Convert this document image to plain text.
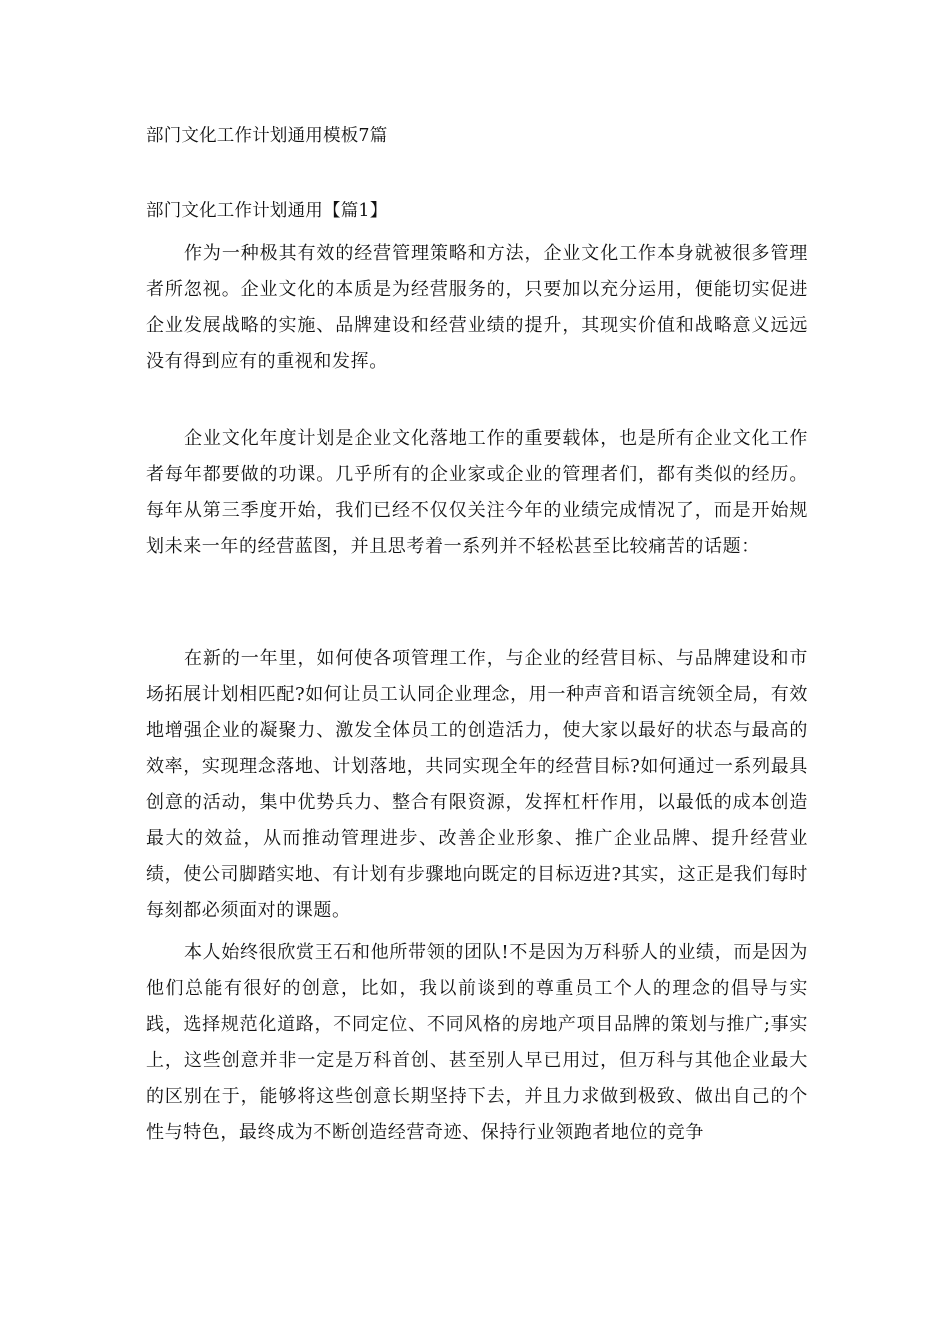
部门文化工作计划通用模板7篇
部门文化工作计划通用【篇1】

作为一种极其有效的经营管理策略和方法，企业文化工作本身就被很多管理者所忽视。企业文化的本质是为经营服务的，只要加以充分运用，便能切实促进企业发展战略的实施、品牌建设和经营业绩的提升，其现实价值和战略意义远远没有得到应有的重视和发挥。

企业文化年度计划是企业文化落地工作的重要载体，也是所有企业文化工作者每年都要做的功课。几乎所有的企业家或企业的管理者们，都有类似的经历。每年从第三季度开始，我们已经不仅仅关注今年的业绩完成情况了，而是开始规划未来一年的经营蓝图，并且思考着一系列并不轻松甚至比较痛苦的话题：

在新的一年里，如何使各项管理工作，与企业的经营目标、与品牌建设和市场拓展计划相匹配?如何让员工认同企业理念，用一种声音和语言统领全局，有效地增强企业的凝聚力、激发全体员工的创造活力，使大家以最好的状态与最高的效率，实现理念落地、计划落地，共同实现全年的经营目标?如何通过一系列最具创意的活动，集中优势兵力、整合有限资源，发挥杠杆作用，以最低的成本创造最大的效益，从而推动管理进步、改善企业形象、推广企业品牌、提升经营业绩，使公司脚踏实地、有计划有步骤地向既定的目标迈进?其实，这正是我们每时每刻都必须面对的课题。

本人始终很欣赏王石和他所带领的团队!不是因为万科骄人的业绩，而是因为他们总能有很好的创意，比如，我以前谈到的尊重员工个人的理念的倡导与实践，选择规范化道路，不同定位、不同风格的房地产项目品牌的策划与推广;事实上，这些创意并非一定是万科首创、甚至别人早已用过，但万科与其他企业最大的区别在于，能够将这些创意长期坚持下去，并且力求做到极致、做出自己的个性与特色，最终成为不断创造经营奇迹、保持行业领跑者地位的竞争
